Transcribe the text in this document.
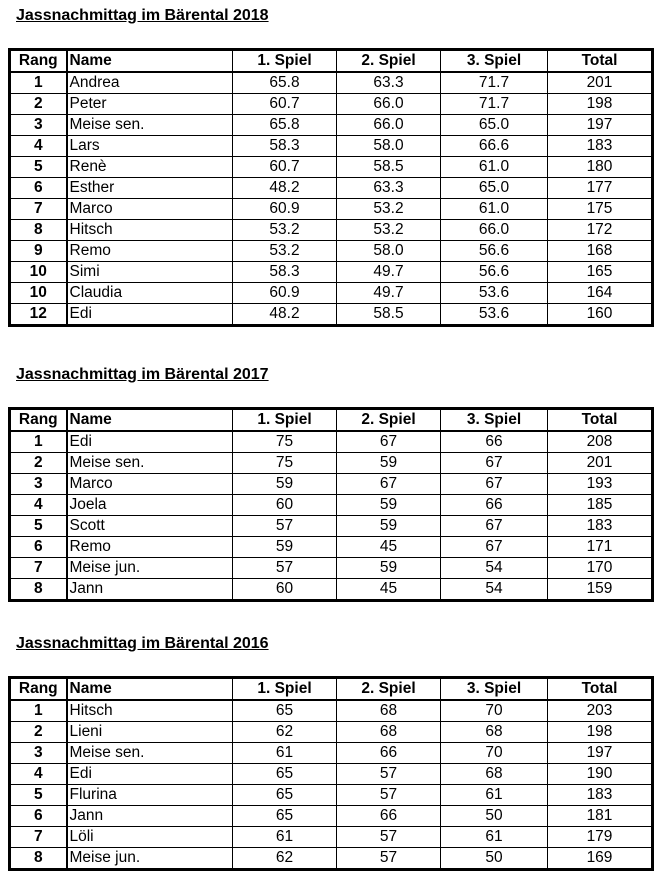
Jassnachmittag im Bärental 2018
Rang	Name	1. Spiel	2. Spiel	3. Spiel	Total
1	Andrea	65.8	63.3	71.7	201
2	Peter	60.7	66.0	71.7	198
3	Meise sen.	65.8	66.0	65.0	197
4	Lars	58.3	58.0	66.6	183
5	Renè	60.7	58.5	61.0	180
6	Esther	48.2	63.3	65.0	177
7	Marco	60.9	53.2	61.0	175
8	Hitsch	53.2	53.2	66.0	172
9	Remo	53.2	58.0	56.6	168
10	Simi	58.3	49.7	56.6	165
10	Claudia	60.9	49.7	53.6	164
12	Edi	48.2	58.5	53.6	160
Jassnachmittag im Bärental 2017
Rang	Name	1. Spiel	2. Spiel	3. Spiel	Total
1	Edi	75	67	66	208
2	Meise sen.	75	59	67	201
3	Marco	59	67	67	193
4	Joela	60	59	66	185
5	Scott	57	59	67	183
6	Remo	59	45	67	171
7	Meise jun.	57	59	54	170
8	Jann	60	45	54	159
Jassnachmittag im Bärental 2016
Rang	Name	1. Spiel	2. Spiel	3. Spiel	Total
1	Hitsch	65	68	70	203
2	Lieni	62	68	68	198
3	Meise sen.	61	66	70	197
4	Edi	65	57	68	190
5	Flurina	65	57	61	183
6	Jann	65	66	50	181
7	Löli	61	57	61	179
8	Meise jun.	62	57	50	169
